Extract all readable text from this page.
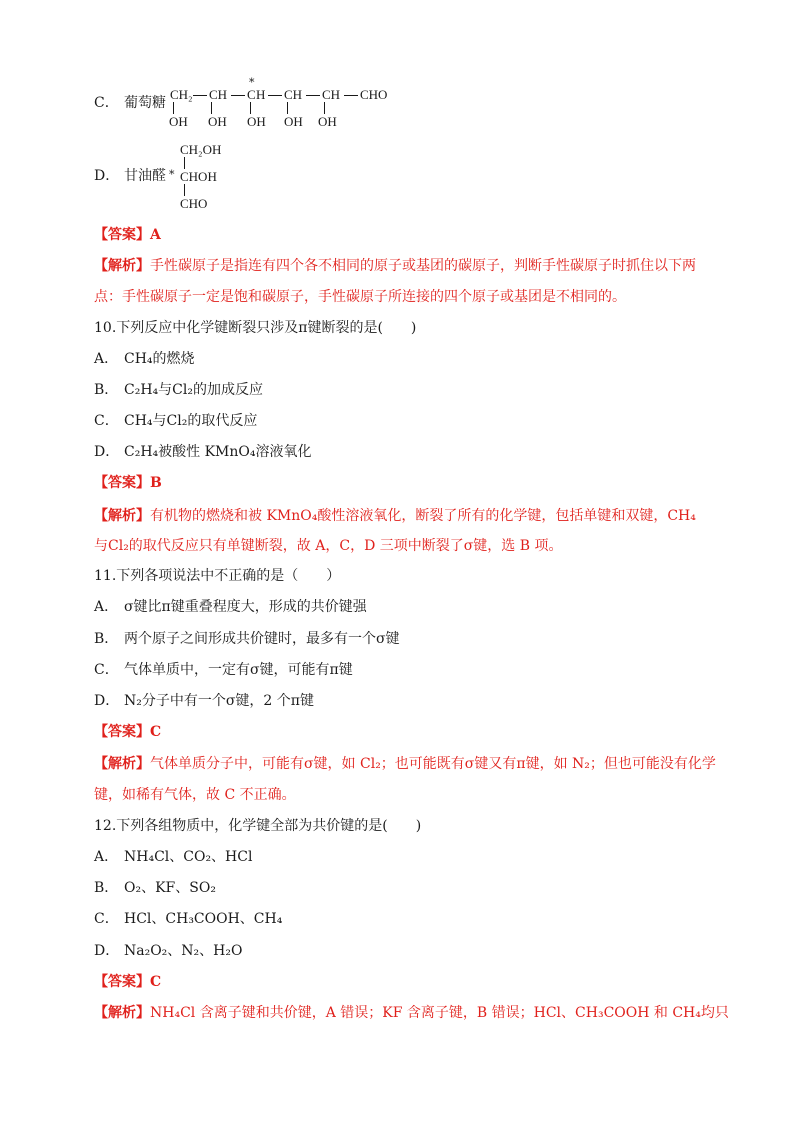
C． 葡萄糖
CH₂ CH
*
C H CH CH CHO
OH OH OH OH OH
D． 甘油醛
CH₂OH
* CHOH
CHO
【答案】A
【解析】手性碳原子是指连有四个各不相同的原子或基团的碳原子，判断手性碳原子时抓住以下两
点：手性碳原子一定是饱和碳原子，手性碳原子所连接的四个原子或基团是不相同的。
10.下列反应中化学键断裂只涉及π键断裂的是(　　)
A． CH₄的燃烧
B． C₂H₄与Cl₂的加成反应
C． CH₄与Cl₂的取代反应
D． C₂H₄被酸性 KMnO₄溶液氧化
【答案】B
【解析】有机物的燃烧和被 KMnO₄酸性溶液氧化，断裂了所有的化学键，包括单键和双键，CH₄
与Cl₂的取代反应只有单键断裂，故 A，C，D 三项中断裂了σ键，选 B 项。
11.下列各项说法中不正确的是（　　）
A． σ键比π键重叠程度大，形成的共价键强
B． 两个原子之间形成共价键时，最多有一个σ键
C． 气体单质中，一定有σ键，可能有π键
D． N₂分子中有一个σ键，2 个π键
【答案】C
【解析】气体单质分子中，可能有σ键，如 Cl₂；也可能既有σ键又有π键，如 N₂；但也可能没有化学
键，如稀有气体，故 C 不正确。
12.下列各组物质中，化学键全部为共价键的是(　　)
A． NH₄Cl、CO₂、HCl
B． O₂、KF、SO₂
C． HCl、CH₃COOH、CH₄
D． Na₂O₂、N₂、H₂O
【答案】C
【解析】NH₄Cl 含离子键和共价键，A 错误；KF 含离子键，B 错误；HCl、CH₃COOH 和 CH₄均只
